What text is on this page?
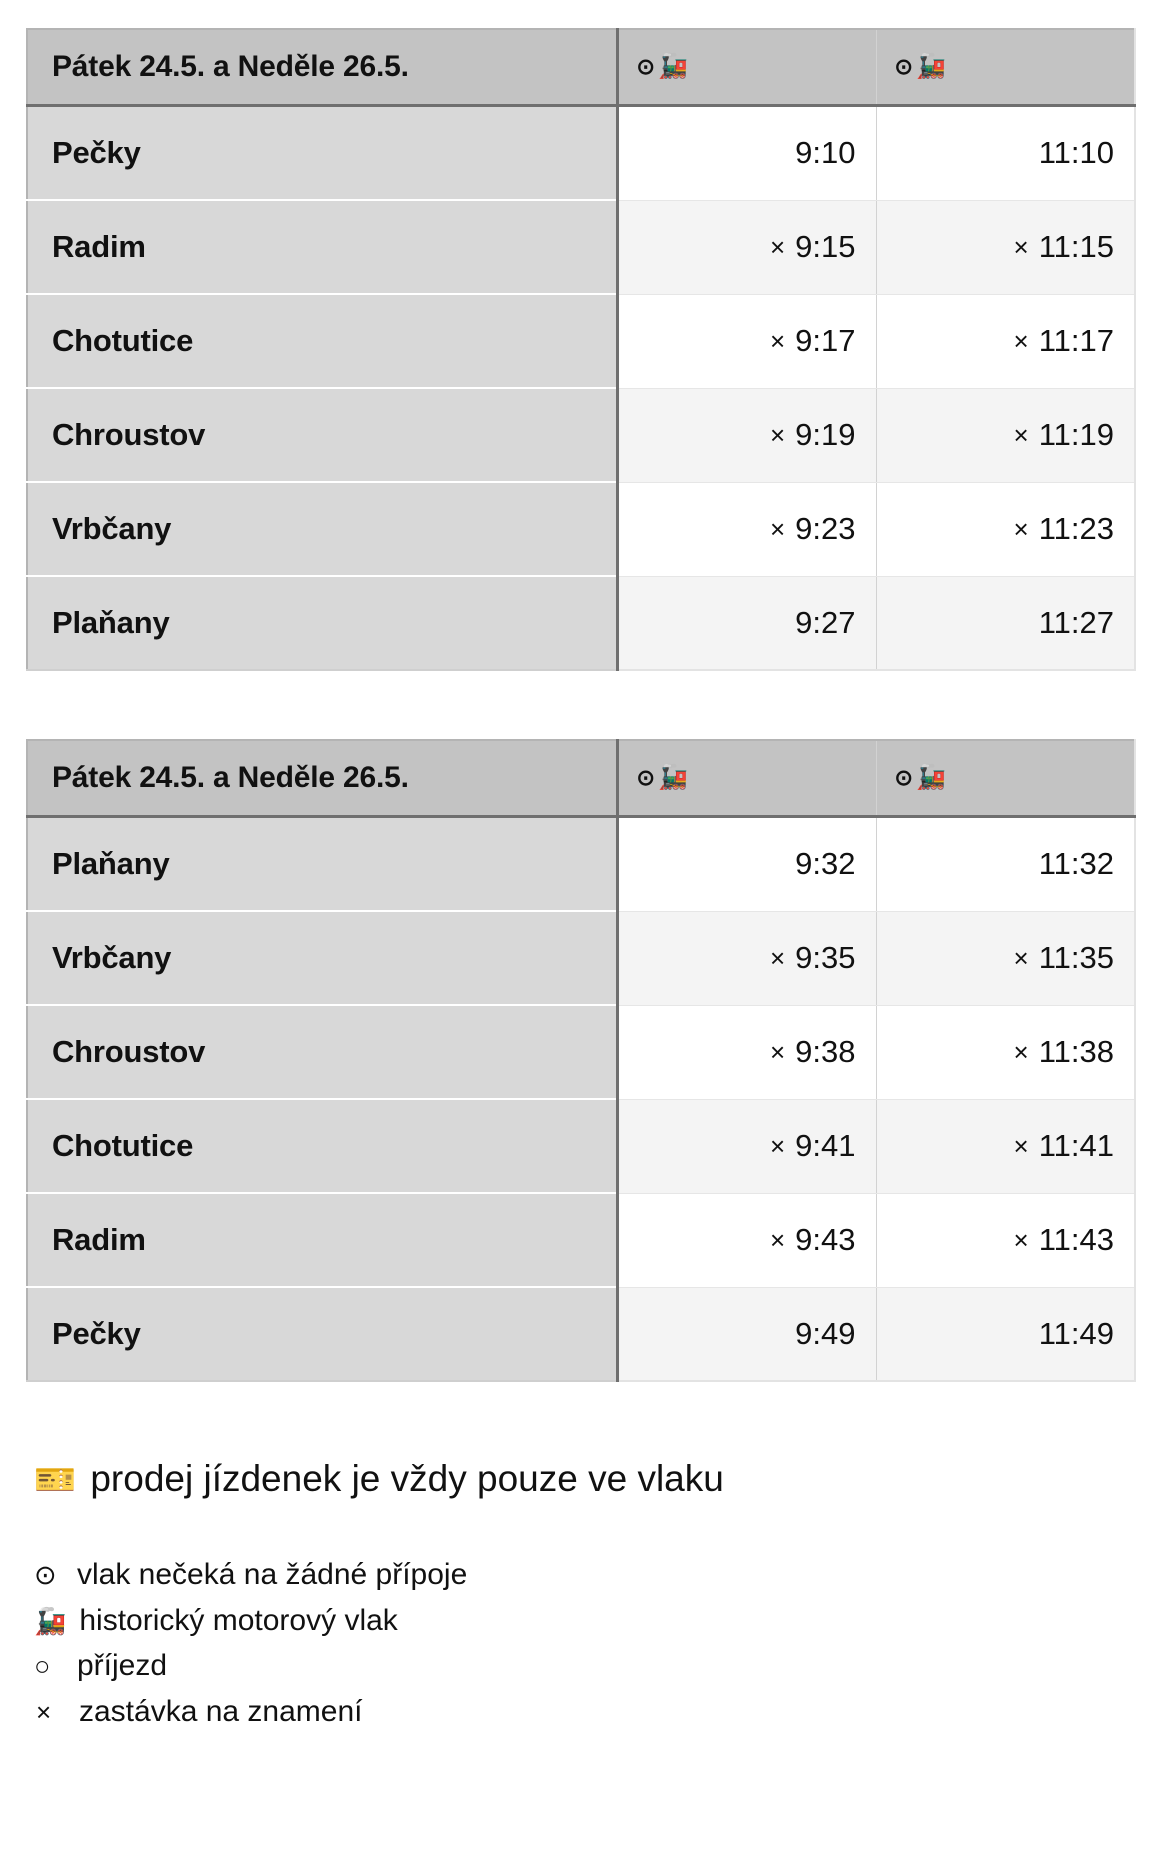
Pátek 24.5. a Neděle 26.5.	⊙ 🚂	⊙ 🚂

Pečky	9:10	11:10
Radim	× 9:15	× 11:15
Chotutice	× 9:17	× 11:17
Chroustov	× 9:19	× 11:19
Vrbčany	× 9:23	× 11:23
Plaňany	9:27	11:27
Pátek 24.5. a Neděle 26.5.	⊙ 🚂	⊙ 🚂

Plaňany	9:32	11:32
Vrbčany	× 9:35	× 11:35
Chroustov	× 9:38	× 11:38
Chotutice	× 9:41	× 11:41
Radim	× 9:43	× 11:43
Pečky	9:49	11:49
🎫 prodej jízdenek je vždy pouze ve vlaku
⊙ vlak nečeká na žádné přípoje
🚂 historický motorový vlak
○ příjezd
× zastávka na znamení
